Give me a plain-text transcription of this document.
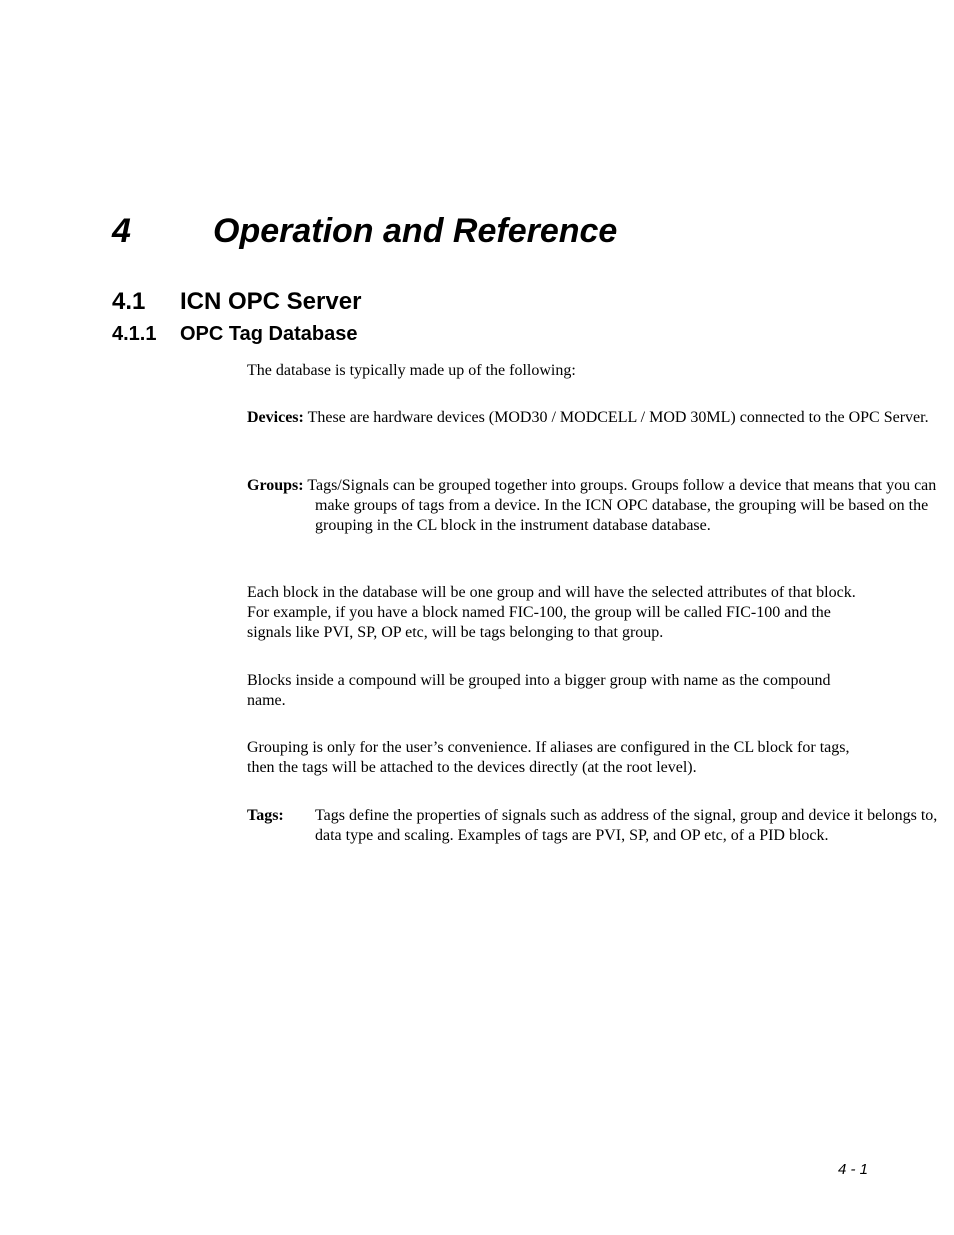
4 Operation and Reference
4.1 ICN OPC Server
4.1.1 OPC Tag Database

The database is typically made up of the following:

Devices: These are hardware devices (MOD30 / MODCELL / MOD 30ML) connected to the OPC Server.

Groups: Tags/Signals can be grouped together into groups. Groups follow a device that means that you can make groups of tags from a device. In the ICN OPC database, the grouping will be based on the grouping in the CL block in the instrument database database.

Each block in the database will be one group and will have the selected attributes of that block. For example, if you have a block named FIC-100, the group will be called FIC-100 and the signals like PVI, SP, OP etc, will be tags belonging to that group.

Blocks inside a compound will be grouped into a bigger group with name as the compound name.

Grouping is only for the user’s convenience. If aliases are configured in the CL block for tags, then the tags will be attached to the devices directly (at the root level).

Tags: Tags define the properties of signals such as address of the signal, group and device it belongs to, data type and scaling. Examples of tags are PVI, SP, and OP etc, of a PID block.

4 - 1
